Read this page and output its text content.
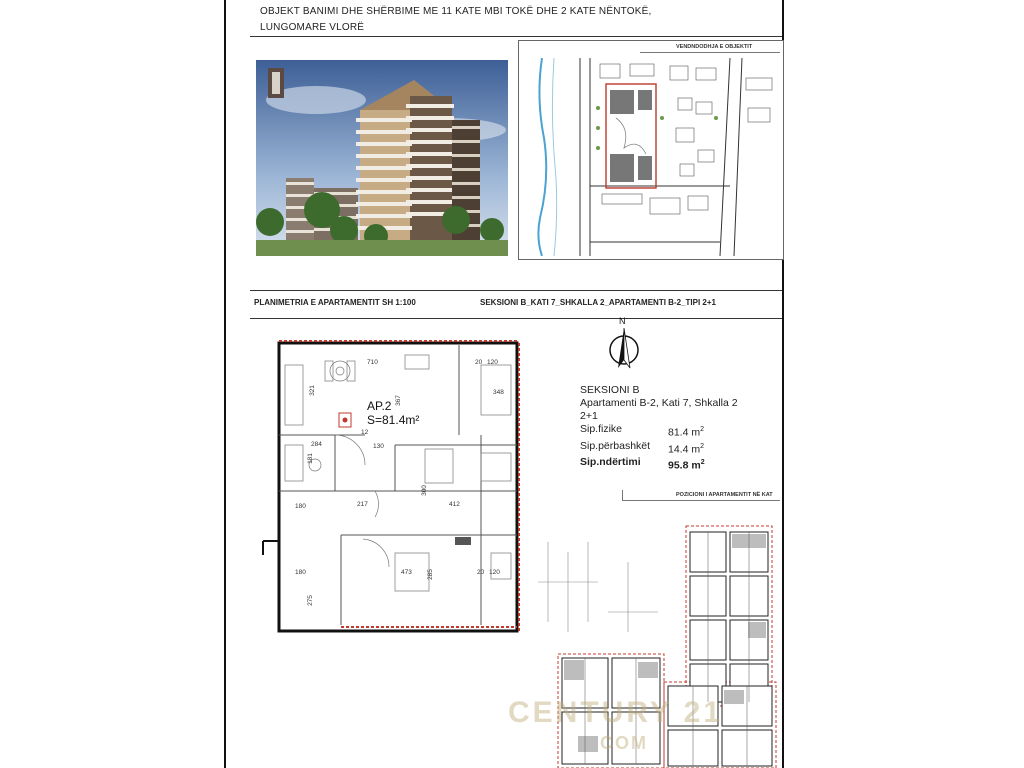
OBJEKT BANIMI DHE SHËRBIME ME 11 KATE MBI TOKË DHE 2 KATE NËNTOKË,
LUNGOMARE VLORË
VENDNDODHJA E OBJEKTIT
PLANIMETRIA E APARTAMENTIT SH 1:100	SEKSIONI B_KATI 7_SHKALLA 2_APARTAMENTI B-2_TIPI 2+1
AP.2
S=81.4m²
710
321
367
120
20
348
284	130
12
300
412
217
180
181
473 285	20 120
180
275
N
SEKSIONI B
Apartamenti B-2, Kati 7, Shkalla 2
2+1
Sip.fizike	81.4 $m^2$
Sip.përbashkët	14.4 $m^2$
Sip.ndërtimi	95.8 $m^2$
POZICIONI I APARTAMENTIT NË KAT
CENTURY 21
COM
